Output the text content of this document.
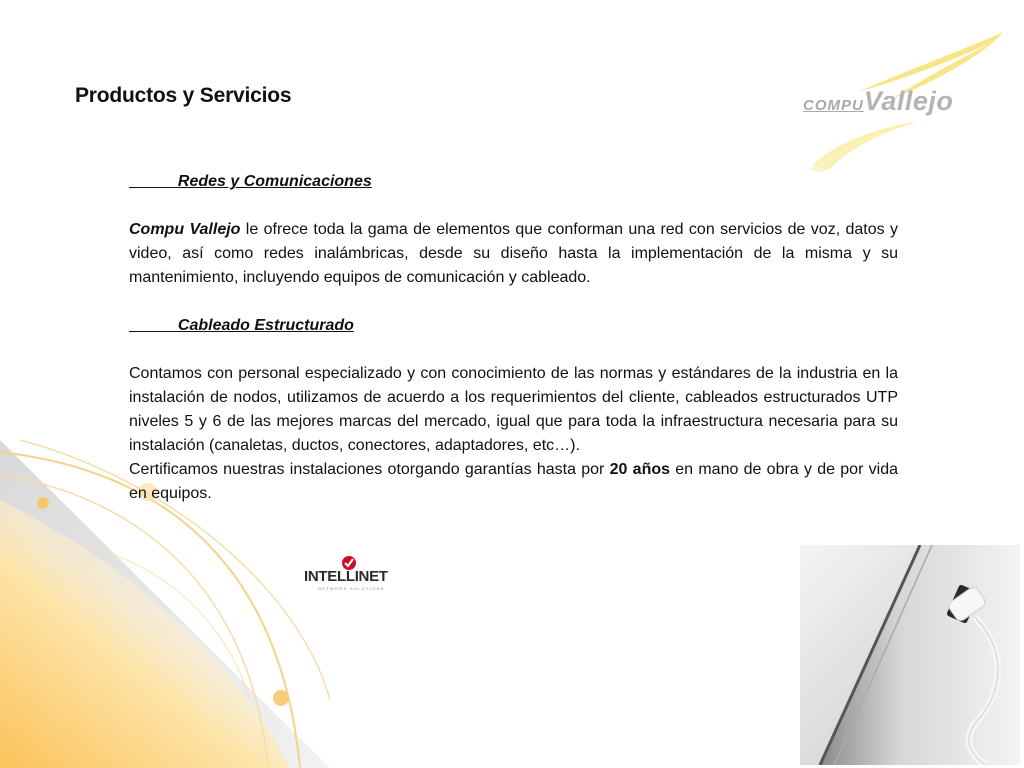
Productos y Servicios	COMPUVallejo
Redes y Comunicaciones

Compu Vallejo le ofrece toda la gama de elementos que conforman una red con servicios de voz, datos y video, así como redes inalámbricas, desde su diseño hasta la implementación de la misma y su mantenimiento, incluyendo equipos de comunicación y cableado.

Cableado Estructurado

Contamos con personal especializado y con conocimiento de las normas y estándares de la industria en la instalación de nodos, utilizamos de acuerdo a los requerimientos del cliente, cableados estructurados UTP niveles 5 y 6 de las mejores marcas del mercado, igual que para toda la infraestructura necesaria para su instalación (canaletas, ductos, conectores, adaptadores, etc…).

Certificamos nuestras instalaciones otorgando garantías hasta por 20 años en mano de obra y de por vida en equipos.

INTELLINET
NETWORK SOLUTIONS
